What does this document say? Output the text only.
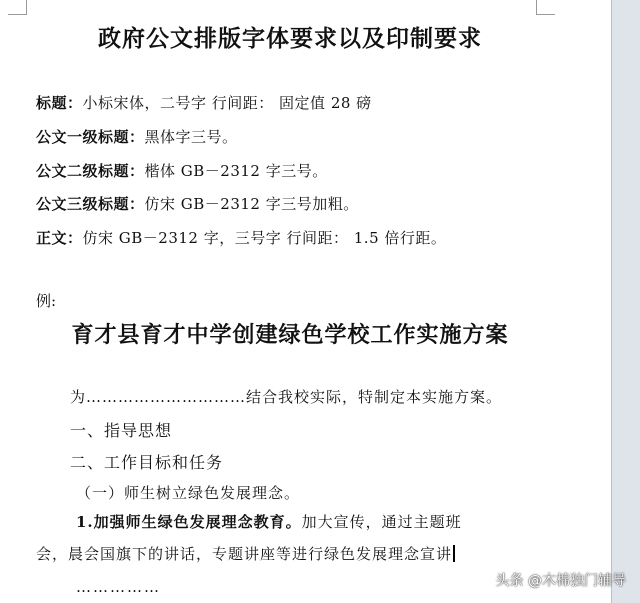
政府公文排版字体要求以及印制要求
标题：小标宋体，二号字 行间距： 固定值 28 磅
公文一级标题：黑体字三号。
公文二级标题：楷体 GB－2312 字三号。
公文三级标题：仿宋 GB－2312 字三号加粗。
正文：仿宋 GB－2312 字，三号字 行间距： 1.5 倍行距。
例:
育才县育才中学创建绿色学校工作实施方案
为…………………………结合我校实际，特制定本实施方案。
一、指导思想
二、工作目标和任务
（一）师生树立绿色发展理念。
1.加强师生绿色发展理念教育。加大宣传，通过主题班
会，晨会国旗下的讲话，专题讲座等进行绿色发展理念宣讲
……………	头条 @木棉独门辅导
